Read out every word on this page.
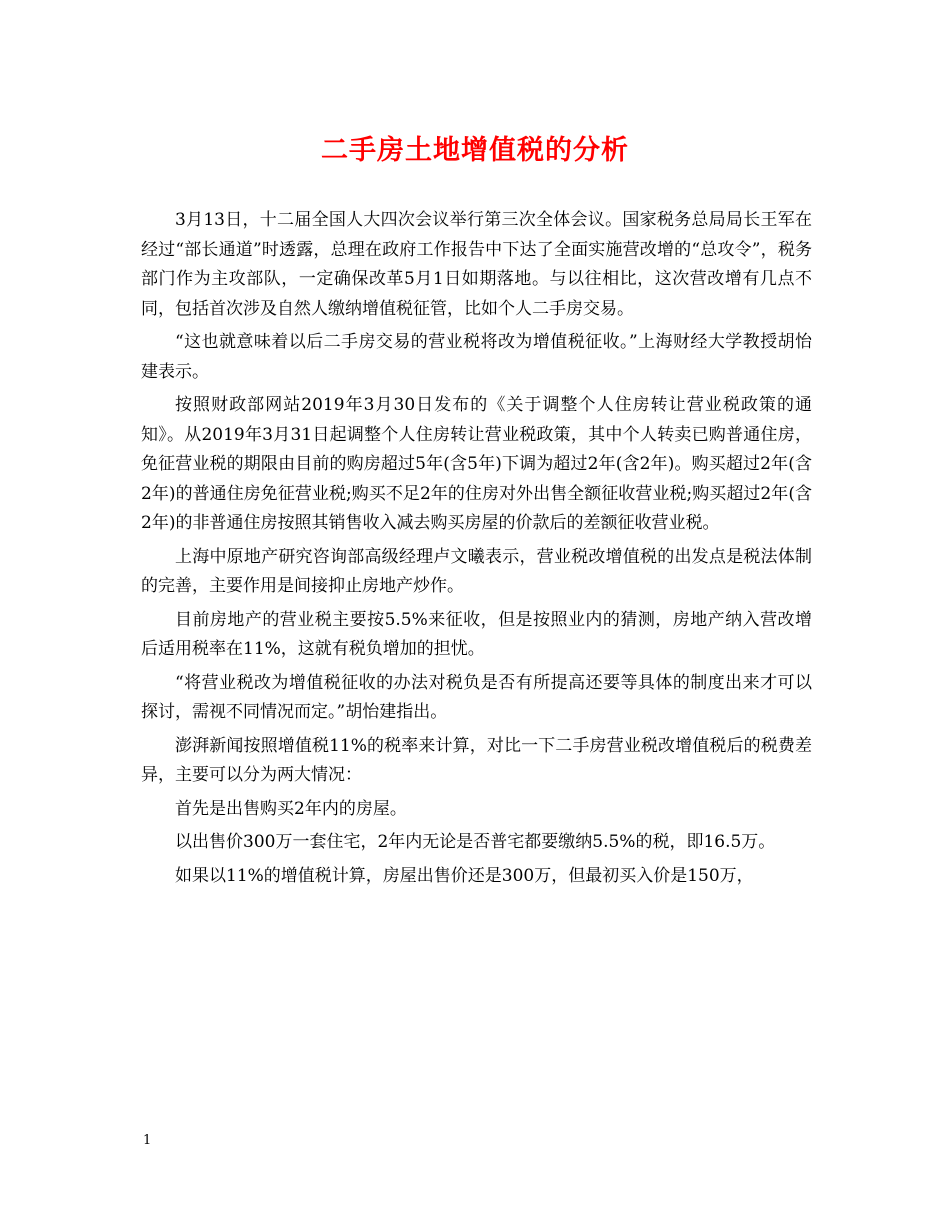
二手房土地增值税的分析

3月13日，十二届全国人大四次会议举行第三次全体会议。国家税务总局局长王军在经过“部长通道”时透露，总理在政府工作报告中下达了全面实施营改增的“总攻令”，税务部门作为主攻部队，一定确保改革5月1日如期落地。与以往相比，这次营改增有几点不同，包括首次涉及自然人缴纳增值税征管，比如个人二手房交易。

“这也就意味着以后二手房交易的营业税将改为增值税征收。”上海财经大学教授胡怡建表示。

按照财政部网站2019年3月30日发布的《关于调整个人住房转让营业税政策的通知》。从2019年3月31日起调整个人住房转让营业税政策，其中个人转卖已购普通住房，免征营业税的期限由目前的购房超过5年(含5年)下调为超过2年(含2年)。购买超过2年(含2年)的普通住房免征营业税;购买不足2年的住房对外出售全额征收营业税;购买超过2年(含2年)的非普通住房按照其销售收入减去购买房屋的价款后的差额征收营业税。

上海中原地产研究咨询部高级经理卢文曦表示，营业税改增值税的出发点是税法体制的完善，主要作用是间接抑止房地产炒作。

目前房地产的营业税主要按5.5%来征收，但是按照业内的猜测，房地产纳入营改增后适用税率在11%，这就有税负增加的担忧。

“将营业税改为增值税征收的办法对税负是否有所提高还要等具体的制度出来才可以探讨，需视不同情况而定。”胡怡建指出。

澎湃新闻按照增值税11%的税率来计算，对比一下二手房营业税改增值税后的税费差异，主要可以分为两大情况：

首先是出售购买2年内的房屋。

以出售价300万一套住宅，2年内无论是否普宅都要缴纳5.5%的税，即16.5万。

如果以11%的增值税计算，房屋出售价还是300万，但最初买入价是150万，

1
